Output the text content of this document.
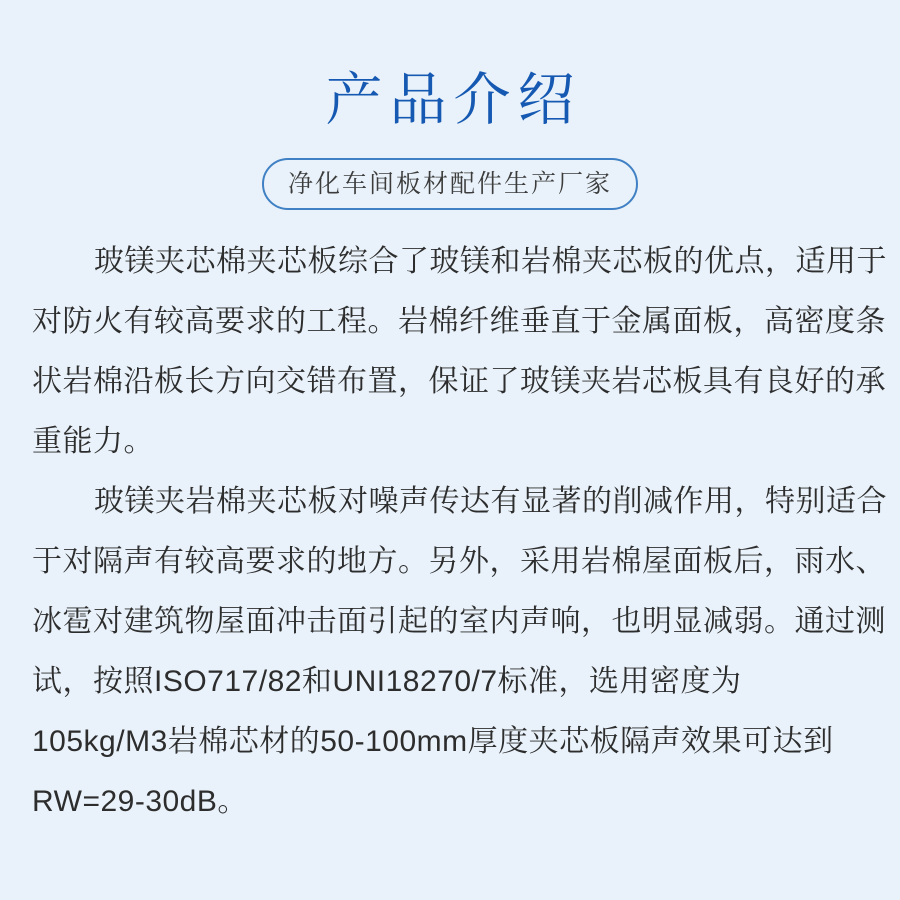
产品介绍
净化车间板材配件生产厂家
玻镁夹芯棉夹芯板综合了玻镁和岩棉夹芯板的优点，适用于
对防火有较高要求的工程。岩棉纤维垂直于金属面板，高密度条
状岩棉沿板长方向交错布置，保证了玻镁夹岩芯板具有良好的承
重能力。
玻镁夹岩棉夹芯板对噪声传达有显著的削减作用，特别适合
于对隔声有较高要求的地方。另外，采用岩棉屋面板后，雨水、
冰雹对建筑物屋面冲击面引起的室内声响，也明显减弱。通过测
试，按照ISO717/82和UNI18270/7标准，选用密度为
105kg/M3岩棉芯材的50-100mm厚度夹芯板隔声效果可达到
RW=29-30dB。
